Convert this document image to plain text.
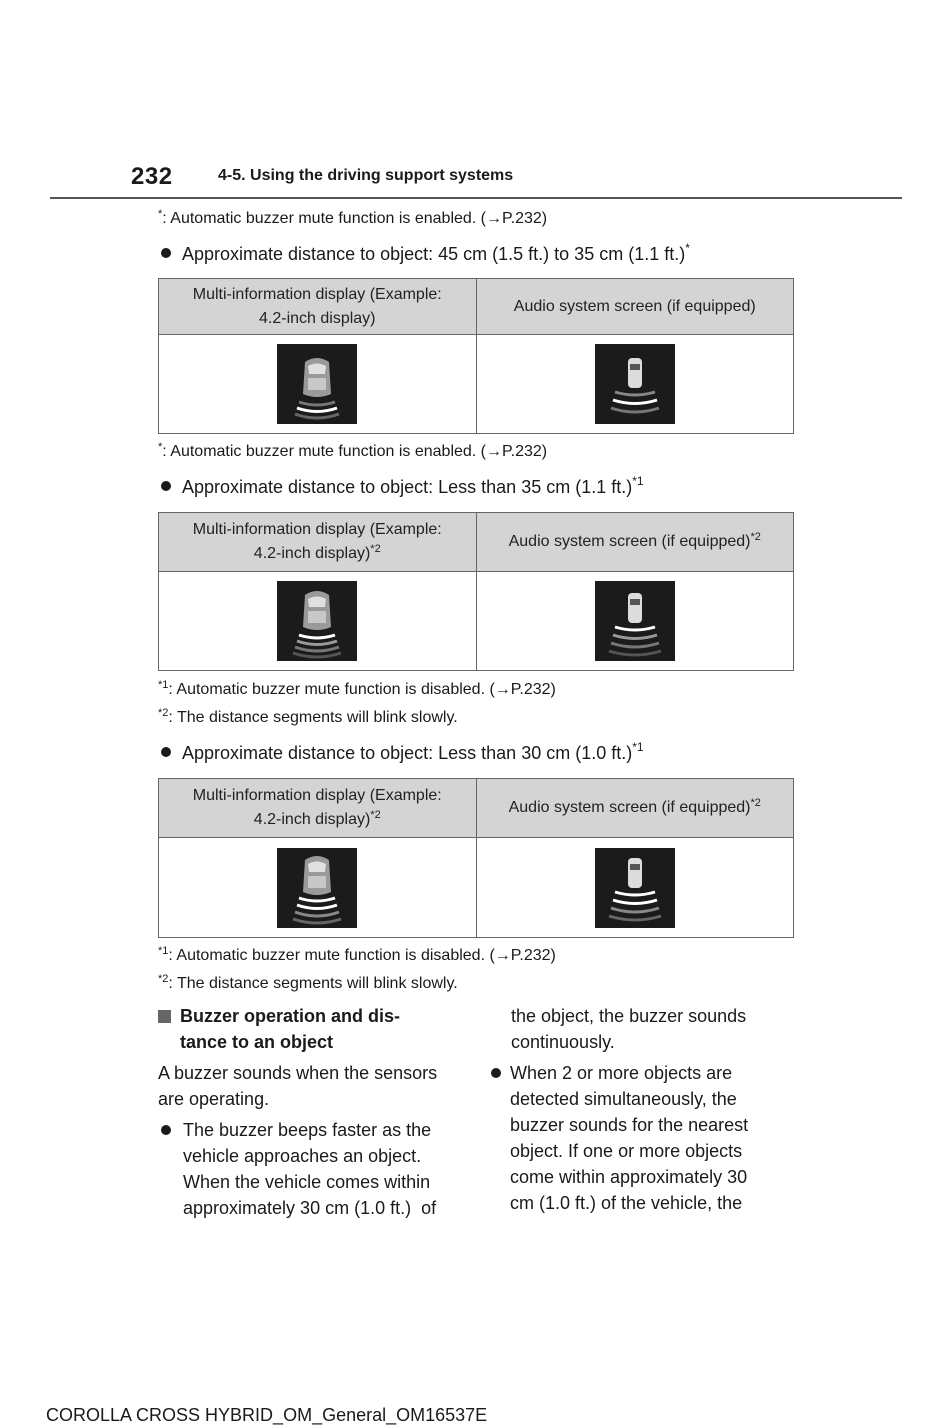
232	4-5. Using the driving support systems
*: Automatic buzzer mute function is enabled. (→P.232)
Approximate distance to object: 45 cm (1.5 ft.) to 35 cm (1.1 ft.)*
Multi-information display (Example:
4.2-inch display)	Audio system screen (if equipped)

*: Automatic buzzer mute function is enabled. (→P.232)
Approximate distance to object: Less than 35 cm (1.1 ft.)$^{*1}$
Multi-information display (Example:
4.2-inch display)$^{*2}$	Audio system screen (if equipped)$^{*2}$

$^{*1}$: Automatic buzzer mute function is disabled. (→P.232)
$^{*2}$: The distance segments will blink slowly.
Approximate distance to object: Less than 30 cm (1.0 ft.)$^{*1}$
Multi-information display (Example:
4.2-inch display)$^{*2}$	Audio system screen (if equipped)$^{*2}$

$^{*1}$: Automatic buzzer mute function is disabled. (→P.232)
$^{*2}$: The distance segments will blink slowly.
Buzzer operation and dis-
tance to an object
A buzzer sounds when the sensors
are operating.
The buzzer beeps faster as the
vehicle approaches an object.
When the vehicle comes within
approximately 30 cm (1.0 ft.)  of
the object, the buzzer sounds
continuously.
When 2 or more objects are
detected simultaneously, the
buzzer sounds for the nearest
object. If one or more objects
come within approximately 30
cm (1.0 ft.) of the vehicle, the
COROLLA CROSS HYBRID_OM_General_OM16537E
